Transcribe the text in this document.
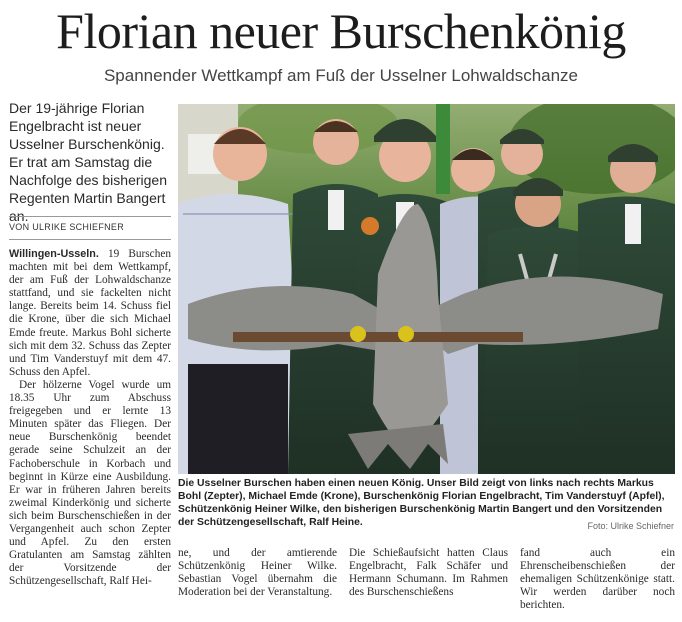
Florian neuer Burschenkönig
Spannender Wettkampf am Fuß der Usselner Lohwaldschanze
Der 19-jährige Florian Engelbracht ist neuer Usselner Burschenkönig. Er trat am Samstag die Nachfolge des bisherigen Regenten Martin Bangert an.
VON ULRIKE SCHIEFNER

Willingen-Usseln. 19 Burschen machten mit bei dem Wettkampf, der am Fuß der Lohwaldschanze stattfand, und sie fackelten nicht lange. Bereits beim 14. Schuss fiel die Krone, über die sich Michael Emde freute. Markus Bohl sicherte sich mit dem 32. Schuss das Zepter und Tim Vanderstuyf mit dem 47. Schuss den Apfel.

Der hölzerne Vogel wurde um 18.35 Uhr zum Abschuss freigegeben und er lernte 13 Minuten später das Fliegen. Der neue Burschenkönig beendet gerade seine Schulzeit an der Fachoberschule in Korbach und beginnt in Kürze eine Ausbildung. Er war in früheren Jahren bereits zweimal Kinderkönig und sicherte sich beim Burschenschießen in der Vergangenheit auch schon Zepter und Apfel. Zu den ersten Gratulanten am Samstag zählten der Vorsitzende der Schützengesellschaft, Ralf Hei-

Die Usselner Burschen haben einen neuen König. Unser Bild zeigt von links nach rechts Markus Bohl (Zepter), Michael Emde (Krone), Burschenkönig Florian Engelbracht, Tim Vanderstuyf (Apfel), Schützenkönig Heiner Wilke, den bisherigen Burschenkönig Martin Bangert und den Vorsitzenden der Schützengesellschaft, Ralf Heine.	Foto: Ulrike Schiefner
ne, und der amtierende Schützenkönig Heiner Wilke. Sebastian Vogel übernahm die Moderation bei der Veranstaltung.
Die Schießaufsicht hatten Claus Engelbracht, Falk Schäfer und Hermann Schumann. Im Rahmen des Burschenschießens
fand auch ein Ehrenscheibenschießen der ehemaligen Schützenkönige statt. Wir werden darüber noch berichten.
